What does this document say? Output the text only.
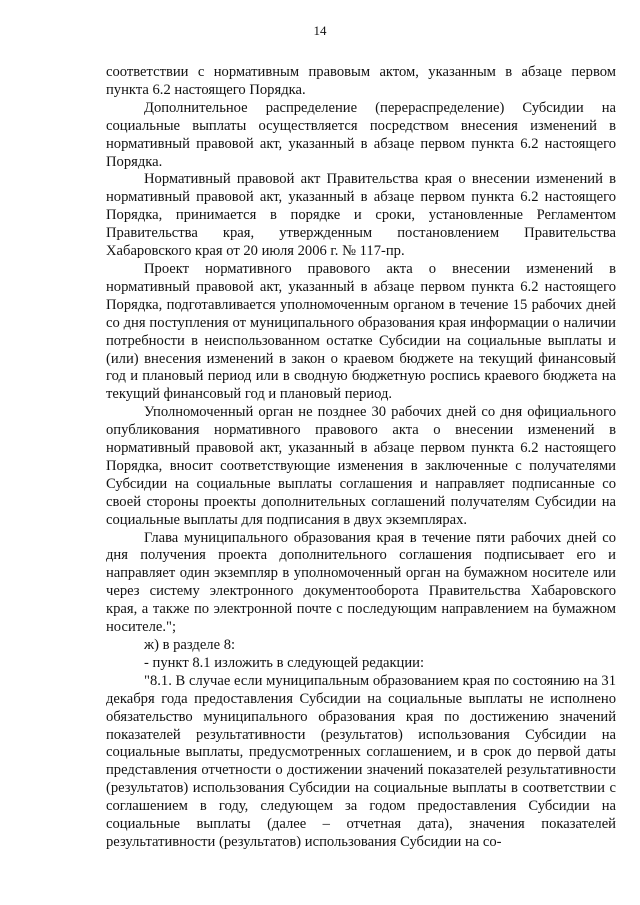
14

соответствии с нормативным правовым актом, указанным в абзаце первом пункта 6.2 настоящего Порядка.

Дополнительное распределение (перераспределение) Субсидии на социальные выплаты осуществляется посредством внесения изменений в нормативный правовой акт, указанный в абзаце первом пункта 6.2 настоящего Порядка.

Нормативный правовой акт Правительства края о внесении изменений в нормативный правовой акт, указанный в абзаце первом пункта 6.2 настоящего Порядка, принимается в порядке и сроки, установленные Регламентом Правительства края, утвержденным постановлением Правительства Хабаровского края от 20 июля 2006 г. № 117-пр.

Проект нормативного правового акта о внесении изменений в нормативный правовой акт, указанный в абзаце первом пункта 6.2 настоящего Порядка, подготавливается уполномоченным органом в течение 15 рабочих дней со дня поступления от муниципального образования края информации о наличии потребности в неиспользованном остатке Субсидии на социальные выплаты и (или) внесения изменений в закон о краевом бюджете на текущий финансовый год и плановый период или в сводную бюджетную роспись краевого бюджета на текущий финансовый год и плановый период.

Уполномоченный орган не позднее 30 рабочих дней со дня официального опубликования нормативного правового акта о внесении изменений в нормативный правовой акт, указанный в абзаце первом пункта 6.2 настоящего Порядка, вносит соответствующие изменения в заключенные с получателями Субсидии на социальные выплаты соглашения и направляет подписанные со своей стороны проекты дополнительных соглашений получателям Субсидии на социальные выплаты для подписания в двух экземплярах.

Глава муниципального образования края в течение пяти рабочих дней со дня получения проекта дополнительного соглашения подписывает его и направляет один экземпляр в уполномоченный орган на бумажном носителе или через систему электронного документооборота Правительства Хабаровского края, а также по электронной почте с последующим направлением на бумажном носителе.";

ж) в разделе 8:

- пункт 8.1 изложить в следующей редакции:

"8.1. В случае если муниципальным образованием края по состоянию на 31 декабря года предоставления Субсидии на социальные выплаты не исполнено обязательство муниципального образования края по достижению значений показателей результативности (результатов) использования Субсидии на социальные выплаты, предусмотренных соглашением, и в срок до первой даты представления отчетности о достижении значений показателей результативности (результатов) использования Субсидии на социальные выплаты в соответствии с соглашением в году, следующем за годом предоставления Субсидии на социальные выплаты (далее – отчетная дата), значения показателей результативности (результатов) использования Субсидии на со-
